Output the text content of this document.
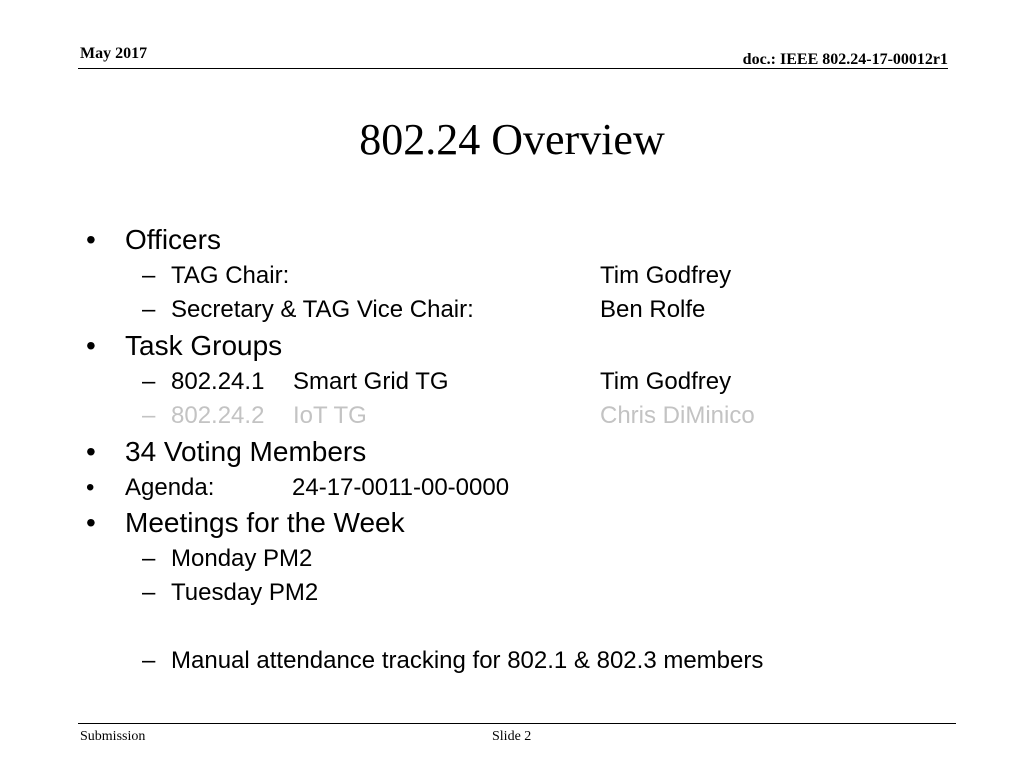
May 2017	doc.: IEEE 802.24-17-00012r1
802.24 Overview
• Officers
– TAG Chair:	Tim Godfrey
– Secretary & TAG Vice Chair:	Ben Rolfe
• Task Groups
– 802.24.1 Smart Grid TG	Tim Godfrey
– 802.24.2 IoT TG	Chris DiMinico
• 34 Voting Members
• Agenda:	24-17-0011-00-0000
• Meetings for the Week
– Monday PM2
– Tuesday PM2
– Manual attendance tracking for 802.1 & 802.3 members
Submission	Slide 2
